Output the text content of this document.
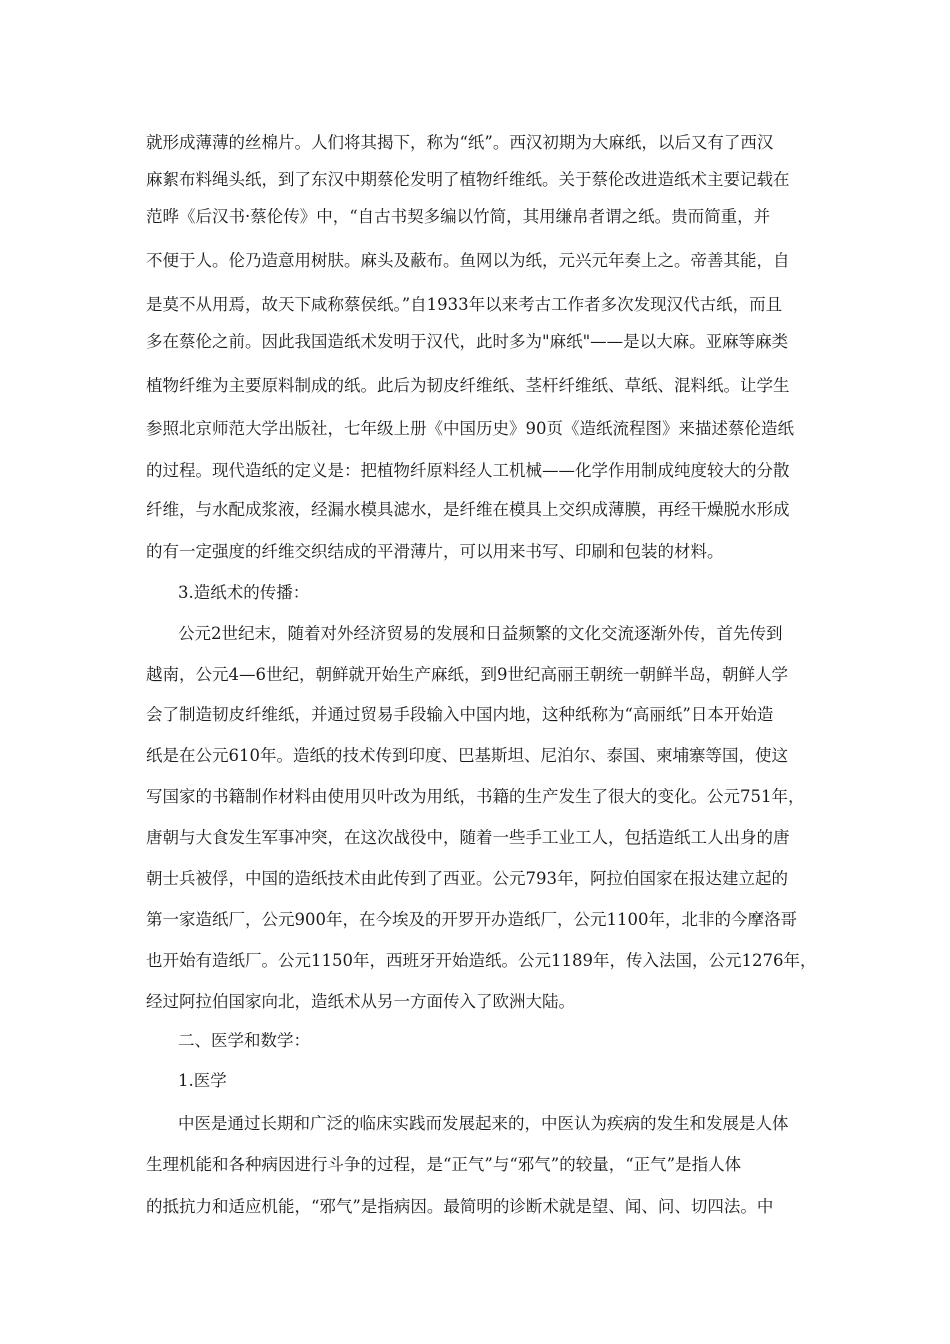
就形成薄薄的丝棉片。人们将其揭下，称为“纸”。西汉初期为大麻纸，以后又有了西汉
麻絮布料绳头纸，到了东汉中期蔡伦发明了植物纤维纸。关于蔡伦改进造纸术主要记载在
范晔《后汉书·蔡伦传》中，“自古书契多编以竹简，其用缣帛者谓之纸。贵而简重，并
不便于人。伦乃造意用树肤。麻头及蔽布。鱼网以为纸，元兴元年奏上之。帝善其能，自
是莫不从用焉，故天下咸称蔡侯纸。”自1933年以来考古工作者多次发现汉代古纸，而且
多在蔡伦之前。因此我国造纸术发明于汉代，此时多为"麻纸"——是以大麻。亚麻等麻类
植物纤维为主要原料制成的纸。此后为韧皮纤维纸、茎杆纤维纸、草纸、混料纸。让学生
参照北京师范大学出版社，七年级上册《中国历史》90页《造纸流程图》来描述蔡伦造纸
的过程。现代造纸的定义是：把植物纤原料经人工机械——化学作用制成纯度较大的分散
纤维，与水配成浆液，经漏水模具滤水，是纤维在模具上交织成薄膜，再经干燥脱水形成
的有一定强度的纤维交织结成的平滑薄片，可以用来书写、印刷和包装的材料。
3.造纸术的传播：
公元2世纪末，随着对外经济贸易的发展和日益频繁的文化交流逐渐外传，首先传到
越南，公元4—6世纪，朝鲜就开始生产麻纸，到9世纪高丽王朝统一朝鲜半岛，朝鲜人学
会了制造韧皮纤维纸，并通过贸易手段输入中国内地，这种纸称为“高丽纸”日本开始造
纸是在公元610年。造纸的技术传到印度、巴基斯坦、尼泊尔、泰国、柬埔寨等国，使这
写国家的书籍制作材料由使用贝叶改为用纸，书籍的生产发生了很大的变化。公元751年，
唐朝与大食发生军事冲突，在这次战役中，随着一些手工业工人，包括造纸工人出身的唐
朝士兵被俘，中国的造纸技术由此传到了西亚。公元793年，阿拉伯国家在报达建立起的
第一家造纸厂，公元900年，在今埃及的开罗开办造纸厂，公元1100年，北非的今摩洛哥
也开始有造纸厂。公元1150年，西班牙开始造纸。公元1189年，传入法国，公元1276年，
经过阿拉伯国家向北，造纸术从另一方面传入了欧洲大陆。
二、医学和数学：
1.医学
中医是通过长期和广泛的临床实践而发展起来的，中医认为疾病的发生和发展是人体
生理机能和各种病因进行斗争的过程，是“正气”与“邪气”的较量，“正气”是指人体
的抵抗力和适应机能，“邪气”是指病因。最简明的诊断术就是望、闻、问、切四法。中
